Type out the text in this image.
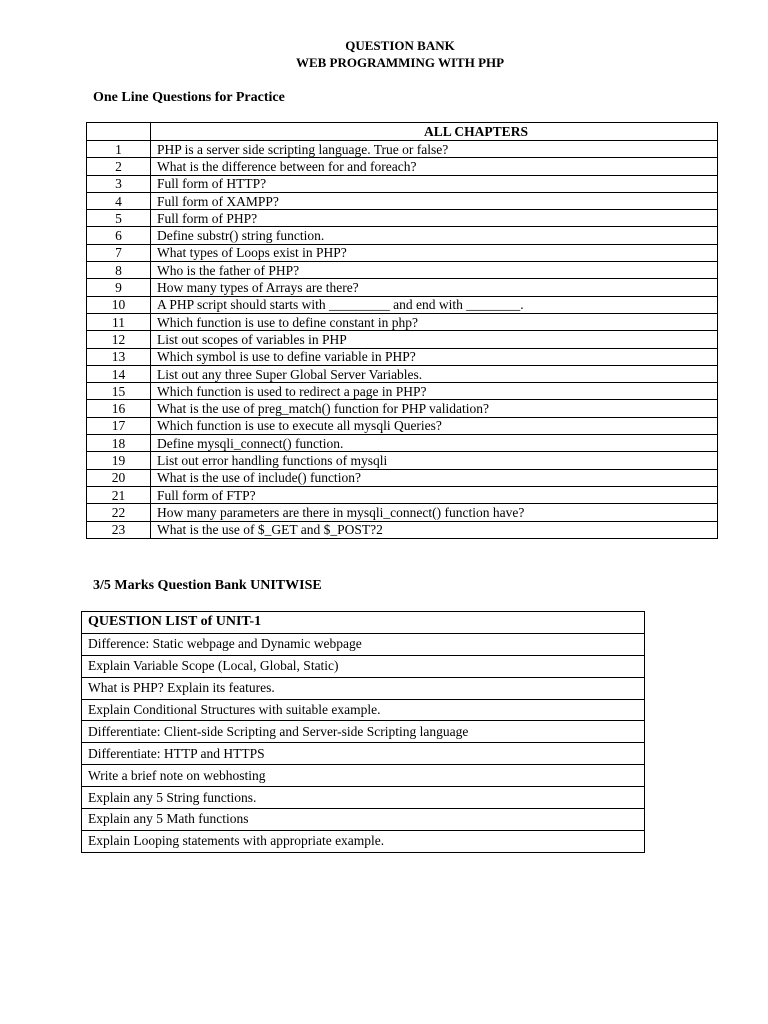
QUESTION BANK
WEB PROGRAMMING WITH PHP
One Line Questions for Practice
	ALL CHAPTERS
1	PHP is a server side scripting language. True or false?
2	What is the difference between for and foreach?
3	Full form of HTTP?
4	Full form of XAMPP?
5	Full form of PHP?
6	Define substr() string function.
7	What types of Loops exist in PHP?
8	Who is the father of PHP?
9	How many types of Arrays are there?
10	A PHP script should starts with _________ and end with ________.
11	Which function is use to define constant in php?
12	List out scopes of variables in PHP
13	Which symbol is use to define variable in PHP?
14	List out any three Super Global Server Variables.
15	Which function is used to redirect a page in PHP?
16	What is the use of preg_match() function for PHP validation?
17	Which function is use to execute all mysqli Queries?
18	Define mysqli_connect() function.
19	List out error handling functions of mysqli
20	What is the use of include() function?
21	Full form of FTP?
22	How many parameters are there in mysqli_connect() function have?
23	What is the use of $_GET and $_POST?2
3/5 Marks Question Bank UNITWISE
QUESTION LIST of UNIT-1
Difference: Static webpage and Dynamic webpage
Explain Variable Scope (Local, Global, Static)
What is PHP? Explain its features.
Explain Conditional Structures with suitable example.
Differentiate: Client-side Scripting and Server-side Scripting language
Differentiate: HTTP and HTTPS
Write a brief note on webhosting
Explain any 5 String functions.
Explain any 5 Math functions
Explain Looping statements with appropriate example.
